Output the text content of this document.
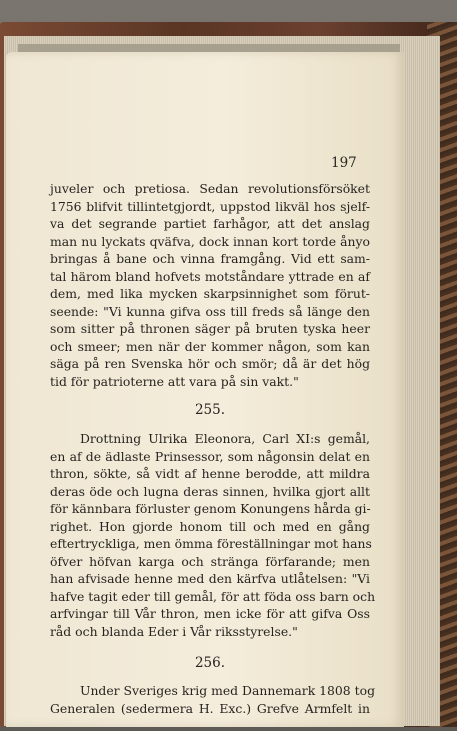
197
juveler och pretiosa. Sedan revolutionsförsöket
1756 blifvit tillintetgjordt, uppstod likväl hos sjelf-
va det segrande partiet farhågor, att det anslag
man nu lyckats qväfva, dock innan kort torde ånyo
bringas å bane och vinna framgång. Vid ett sam-
tal härom bland hofvets motståndare yttrade en af
dem, med lika mycken skarpsinnighet som förut-
seende: "Vi kunna gifva oss till freds så länge den
som sitter på thronen säger på bruten tyska heer
och smeer; men när der kommer någon, som kan
säga på ren Svenska hör och smör; då är det hög
tid för patrioterne att vara på sin vakt."
255.
Drottning Ulrika Eleonora, Carl XI:s gemål,
en af de ädlaste Prinsessor, som någonsin delat en
thron, sökte, så vidt af henne berodde, att mildra
deras öde och lugna deras sinnen, hvilka gjort allt
för kännbara förluster genom Konungens hårda gi-
righet. Hon gjorde honom till och med en gång
eftertryckliga, men ömma föreställningar mot hans
öfver höfvan karga och stränga förfarande; men
han afvisade henne med den kärfva utlåtelsen: "Vi
hafve tagit eder till gemål, för att föda oss barn och
arfvingar till Vår thron, men icke för att gifva Oss
råd och blanda Eder i Vår riksstyrelse."
256.
Under Sveriges krig med Dannemark 1808 tog
Generalen (sedermera H. Exc.) Grefve Armfelt in
